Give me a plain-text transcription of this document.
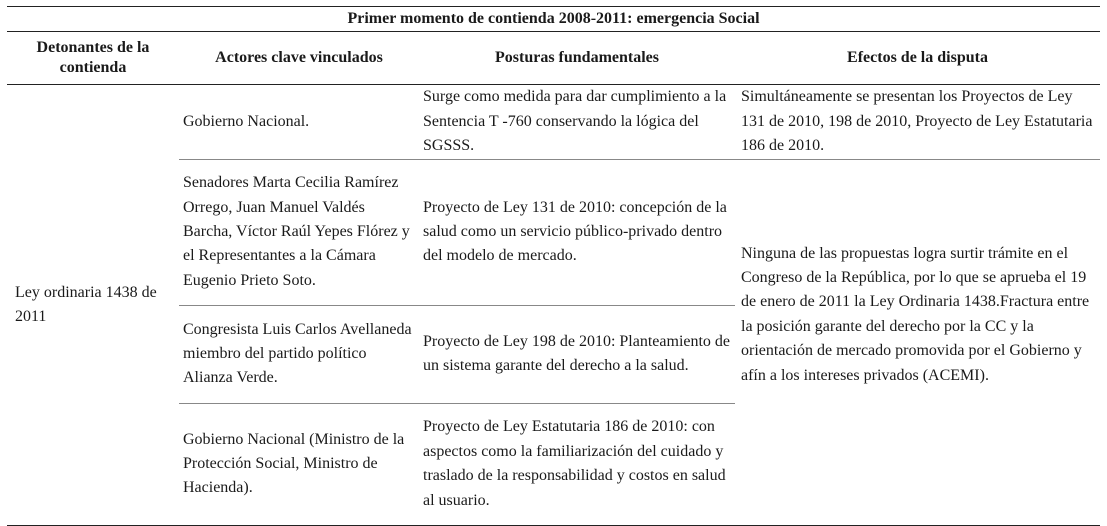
Primer momento de contienda 2008-2011: emergencia Social			
Detonantes de la contienda	Actores clave vinculados	Posturas fundamentales	Efectos de la disputa
Ley ordinaria 1438 de 2011	Gobierno Nacional.	Surge como medida para dar cumplimiento a la Sentencia T -760 conservando la lógica del SGSSS.	Simultáneamente se presentan los Proyectos de Ley 131 de 2010, 198 de 2010, Proyecto de Ley Estatutaria 186 de 2010.
	Senadores Marta Cecilia Ramírez Orrego, Juan Manuel Valdés Barcha, Víctor Raúl Yepes Flórez y el Representantes a la Cámara Eugenio Prieto Soto.	Proyecto de Ley 131 de 2010: concepción de la salud como un servicio público-privado dentro del modelo de mercado.	Ninguna de las propuestas logra surtir trámite en el Congreso de la República, por lo que se aprueba el 19 de enero de 2011 la Ley Ordinaria 1438.Fractura entre la posición garante del derecho por la CC y la orientación de mercado promovida por el Gobierno y afín a los intereses privados (ACEMI).
	Congresista Luis Carlos Avellaneda miembro del partido político Alianza Verde.	Proyecto de Ley 198 de 2010: Planteamiento de un sistema garante del derecho a la salud.	
	Gobierno Nacional (Ministro de la Protección Social, Ministro de Hacienda).	Proyecto de Ley Estatutaria 186 de 2010: con aspectos como la familiarización del cuidado y traslado de la responsabilidad y costos en salud al usuario.	
